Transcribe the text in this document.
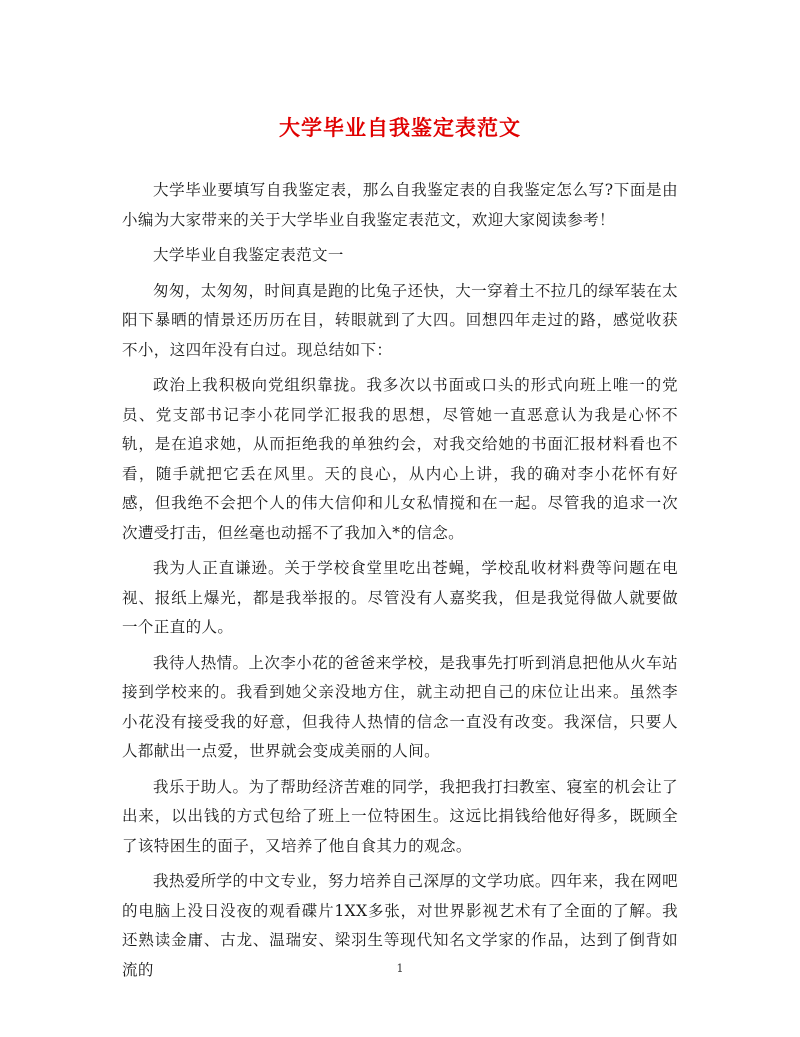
大学毕业自我鉴定表范文

大学毕业要填写自我鉴定表，那么自我鉴定表的自我鉴定怎么写?下面是由小编为大家带来的关于大学毕业自我鉴定表范文，欢迎大家阅读参考！

大学毕业自我鉴定表范文一

匆匆，太匆匆，时间真是跑的比兔子还快，大一穿着土不拉几的绿军装在太阳下暴晒的情景还历历在目，转眼就到了大四。回想四年走过的路，感觉收获不小，这四年没有白过。现总结如下：

政治上我积极向党组织靠拢。我多次以书面或口头的形式向班上唯一的党员、党支部书记李小花同学汇报我的思想，尽管她一直恶意认为我是心怀不轨，是在追求她，从而拒绝我的单独约会，对我交给她的书面汇报材料看也不看，随手就把它丢在风里。天的良心，从内心上讲，我的确对李小花怀有好感，但我绝不会把个人的伟大信仰和儿女私情搅和在一起。尽管我的追求一次次遭受打击，但丝毫也动摇不了我加入*的信念。

我为人正直谦逊。关于学校食堂里吃出苍蝇，学校乱收材料费等问题在电视、报纸上爆光，都是我举报的。尽管没有人嘉奖我，但是我觉得做人就要做一个正直的人。

我待人热情。上次李小花的爸爸来学校，是我事先打听到消息把他从火车站接到学校来的。我看到她父亲没地方住，就主动把自己的床位让出来。虽然李小花没有接受我的好意，但我待人热情的信念一直没有改变。我深信，只要人人都献出一点爱，世界就会变成美丽的人间。

我乐于助人。为了帮助经济苦难的同学，我把我打扫教室、寝室的机会让了出来，以出钱的方式包给了班上一位特困生。这远比捐钱给他好得多，既顾全了该特困生的面子，又培养了他自食其力的观念。

我热爱所学的中文专业，努力培养自己深厚的文学功底。四年来，我在网吧的电脑上没日没夜的观看碟片1XX多张，对世界影视艺术有了全面的了解。我还熟读金庸、古龙、温瑞安、梁羽生等现代知名文学家的作品，达到了倒背如流的	1
